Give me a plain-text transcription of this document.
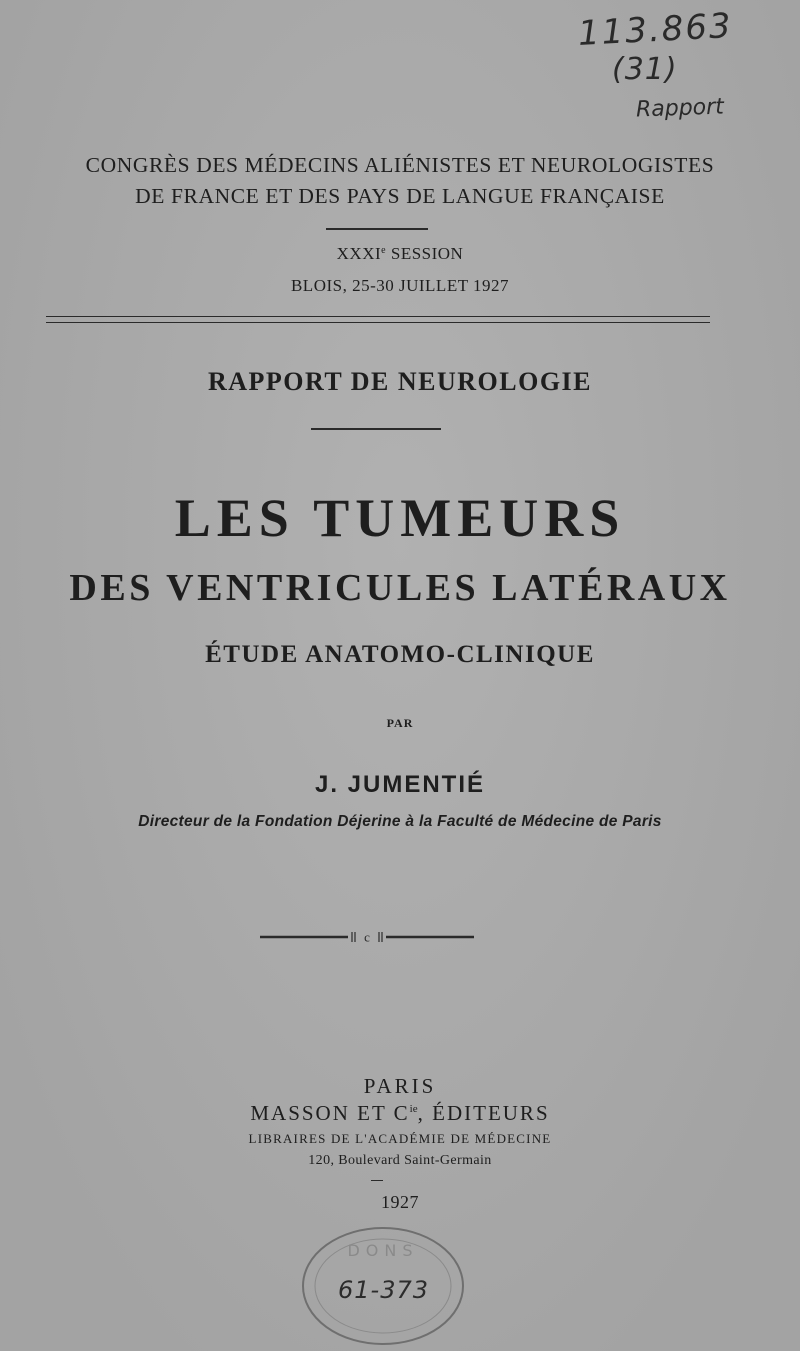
113.863
(31)
Rapport
CONGRÈS DES MÉDECINS ALIÉNISTES ET NEUROLOGISTES
DE FRANCE ET DES PAYS DE LANGUE FRANÇAISE
XXXIe SESSION
BLOIS, 25-30 JUILLET 1927
RAPPORT DE NEUROLOGIE
LES TUMEURS
DES VENTRICULES LATÉRAUX
ÉTUDE ANATOMO-CLINIQUE
PAR
J. JUMENTIÉ
Directeur de la Fondation Déjerine à la Faculté de Médecine de Paris
c
PARIS
MASSON ET $C^{ie}$, ÉDITEURS
LIBRAIRES DE L'ACADÉMIE DE MÉDECINE
120, Boulevard Saint-Germain
1927
DONS
61-373
